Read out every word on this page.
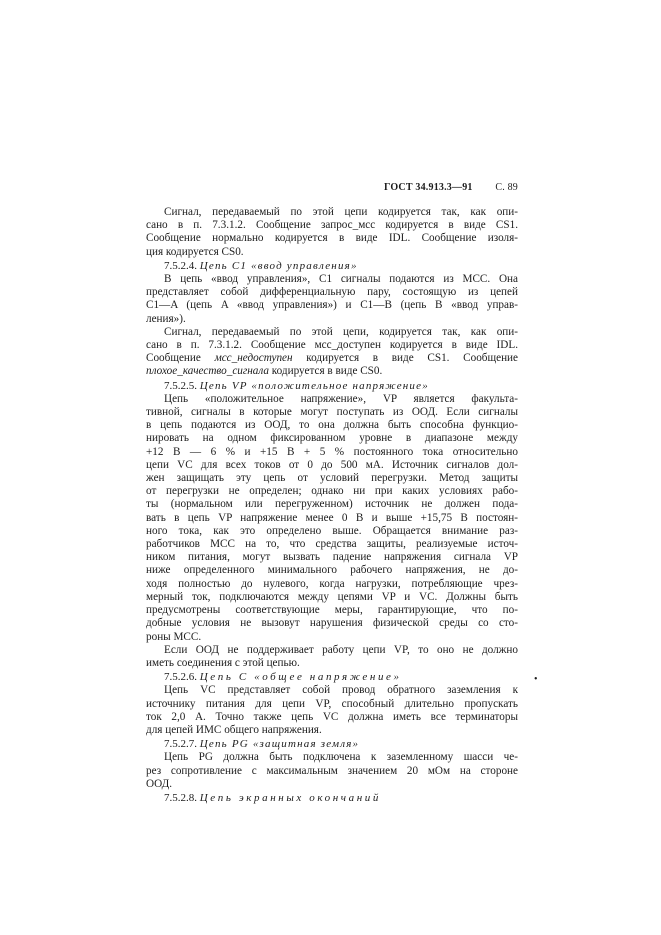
ГОСТ 34.913.3—91 С. 89
Сигнал, передаваемый по этой цепи кодируется так, как опи-
сано в п. 7.3.1.2. Сообщение запрос_мсс кодируется в виде CS1.
Сообщение нормально кодируется в виде IDL. Сообщение изоля-
ция кодируется CS0.
7.5.2.4. Цепь C1 «ввод управления»
В цепь «ввод управления», C1 сигналы подаются из МСС. Она
представляет собой дифференциальную пару, состоящую из цепей
C1—A (цепь A «ввод управления») и C1—B (цепь B «ввод управ-
ления»).
Сигнал, передаваемый по этой цепи, кодируется так, как опи-
сано в п. 7.3.1.2. Сообщение мсс_доступен кодируется в виде IDL.
Сообщение мсс_недоступен кодируется в виде CS1. Сообщение
плохое_качество_сигнала кодируется в виде CS0.
7.5.2.5. Цепь VP «положительное напряжение»
Цепь «положительное напряжение», VP является факульта-
тивной, сигналы в которые могут поступать из ООД. Если сигналы
в цепь подаются из ООД, то она должна быть способна функцио-
нировать на одном фиксированном уровне в диапазоне между
+12 В — 6 % и +15 В + 5 % постоянного тока относительно
цепи VC для всех токов от 0 до 500 мА. Источник сигналов дол-
жен защищать эту цепь от условий перегрузки. Метод защиты
от перегрузки не определен; однако ни при каких условиях рабо-
ты (нормальном или перегруженном) источник не должен пода-
вать в цепь VP напряжение менее 0 В и выше +15,75 В постоян-
ного тока, как это определено выше. Обращается внимание раз-
работчиков МСС на то, что средства защиты, реализуемые источ-
ником питания, могут вызвать падение напряжения сигнала VP
ниже определенного минимального рабочего напряжения, не до-
ходя полностью до нулевого, когда нагрузки, потребляющие чрез-
мерный ток, подключаются между цепями VP и VC. Должны быть
предусмотрены соответствующие меры, гарантирующие, что по-
добные условия не вызовут нарушения физической среды со сто-
роны МСС.
Если ООД не поддерживает работу цепи VP, то оно не должно
иметь соединения с этой цепью.
7.5.2.6. Цепь C «общее напряжение»
Цепь VC представляет собой провод обратного заземления к
источнику питания для цепи VP, способный длительно пропускать
ток 2,0 А. Точно также цепь VC должна иметь все терминаторы
для цепей ИМС общего напряжения.
7.5.2.7. Цепь PG «защитная земля»
Цепь PG должна быть подключена к заземленному шасси че-
рез сопротивление с максимальным значением 20 мОм на стороне
ООД.
7.5.2.8. Цепь экранных окончаний
•
